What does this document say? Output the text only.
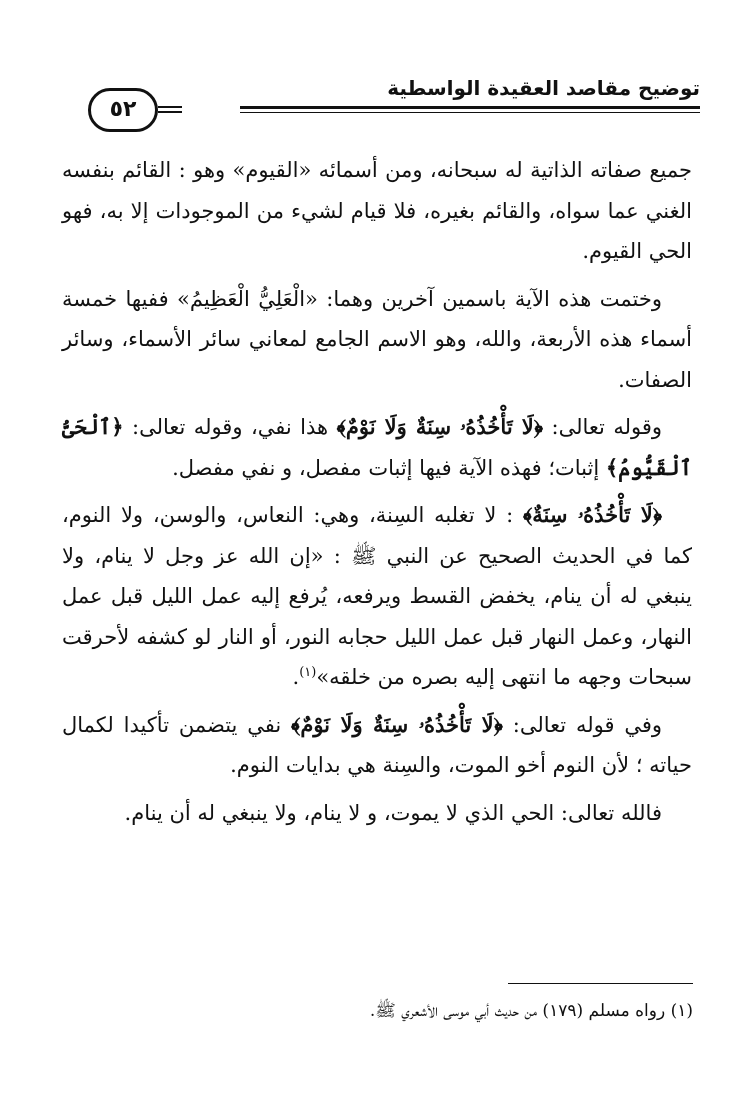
توضيح مقاصد العقيدة الواسطية
٥٢

جميع صفاته الذاتية له سبحانه، ومن أسمائه «القيوم» وهو : القائم بنفسه الغني عما سواه، والقائم بغيره، فلا قيام لشيء من الموجودات إلا به، فهو الحي القيوم.

وختمت هذه الآية باسمين آخرين وهما: «الْعَلِيُّ الْعَظِيمُ» ففيها خمسة أسماء هذه الأربعة، والله، وهو الاسم الجامع لمعاني سائر الأسماء، وسائر الصفات.

وقوله تعالى: ﴿لَا تَأْخُذُهُۥ سِنَةٌ وَلَا نَوْمٌ﴾ هذا نفي، وقوله تعالى: ﴿ٱلْحَىُّ ٱلْقَيُّومُ﴾ إثبات؛ فهذه الآية فيها إثبات مفصل، و نفي مفصل.

﴿لَا تَأْخُذُهُۥ سِنَةٌ﴾ : لا تغلبه السِنة، وهي: النعاس، والوسن، ولا النوم، كما في الحديث الصحيح عن النبي ﷺ : «إن الله عز وجل لا ينام، ولا ينبغي له أن ينام، يخفض القسط ويرفعه، يُرفع إليه عمل الليل قبل عمل النهار، وعمل النهار قبل عمل الليل حجابه النور، أو النار لو كشفه لأحرقت سبحات وجهه ما انتهى إليه بصره من خلقه»$^{(١)}$.

وفي قوله تعالى: ﴿لَا تَأْخُذُهُۥ سِنَةٌ وَلَا نَوْمٌ﴾ نفي يتضمن تأكيدا لكمال حياته ؛ لأن النوم أخو الموت، والسِنة هي بدايات النوم.

فالله تعالى: الحي الذي لا يموت، و لا ينام، ولا ينبغي له أن ينام.

(١) رواه مسلم (١٧٩) من حديث أبي موسى الأشعري ﷺ.
